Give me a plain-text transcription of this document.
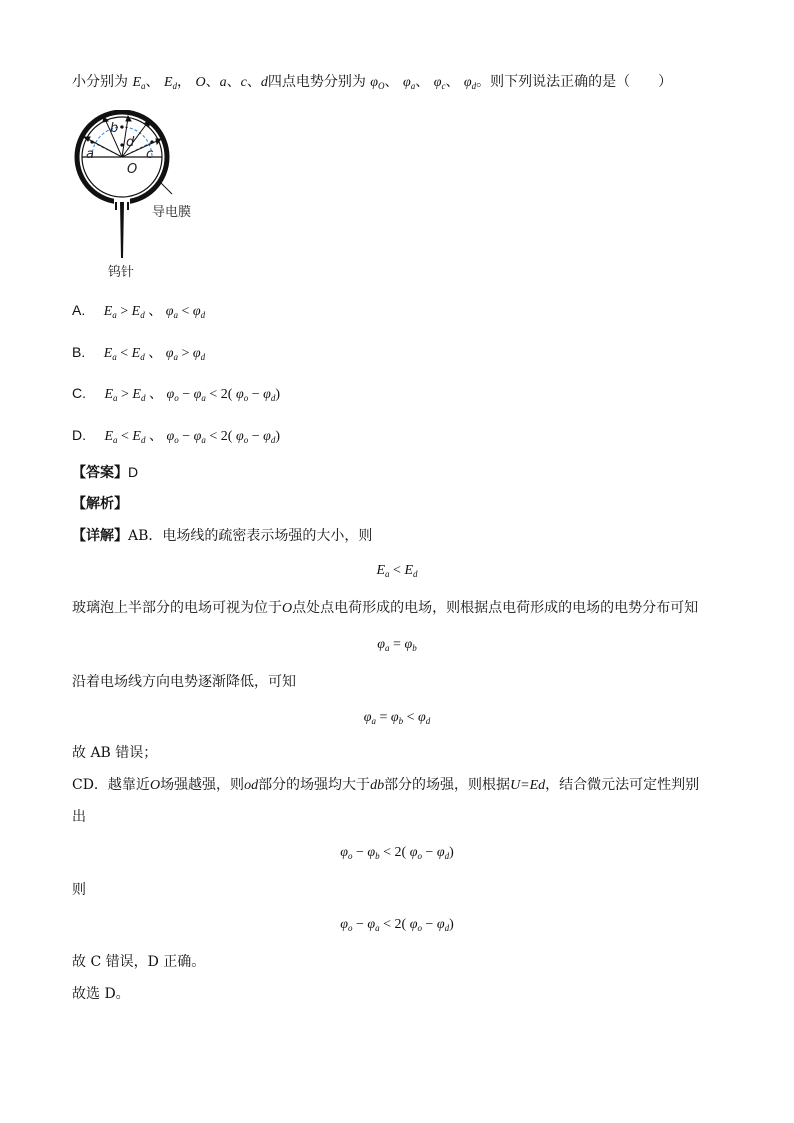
小分别为 $E_a$、 $E_d$， O、a、c、d四点电势分别为 $\varphi_O$、 $\varphi_a$、 $\varphi_c$、 $\varphi_d$。则下列说法正确的是（　　）
b
a
d
c
O
导电膜
钨针
A. $E_a > E_d$ 、 $\varphi_a < \varphi_d$
B. $E_a < E_d$ 、 $\varphi_a > \varphi_d$
C. $E_a > E_d$ 、 $\varphi_o - \varphi_a < 2$( $\varphi_o - \varphi_d$)
D. $E_a < E_d$ 、 $\varphi_o - \varphi_a < 2$( $\varphi_o - \varphi_d$)
【答案】D
【解析】
【详解】AB．电场线的疏密表示场强的大小，则
$E_a < E_d$
玻璃泡上半部分的电场可视为位于O点处点电荷形成的电场，则根据点电荷形成的电场的电势分布可知
$\varphi_a = \varphi_b$
沿着电场线方向电势逐渐降低，可知
$\varphi_a = \varphi_b < \varphi_d$
故 AB 错误；
CD．越靠近O场强越强，则od部分的场强均大于db部分的场强，则根据U=Ed，结合微元法可定性判别
出
$\varphi_o - \varphi_b < 2$( $\varphi_o - \varphi_d$)
则
$\varphi_o - \varphi_a < 2$( $\varphi_o - \varphi_d$)
故 C 错误，D 正确。
故选 D。
